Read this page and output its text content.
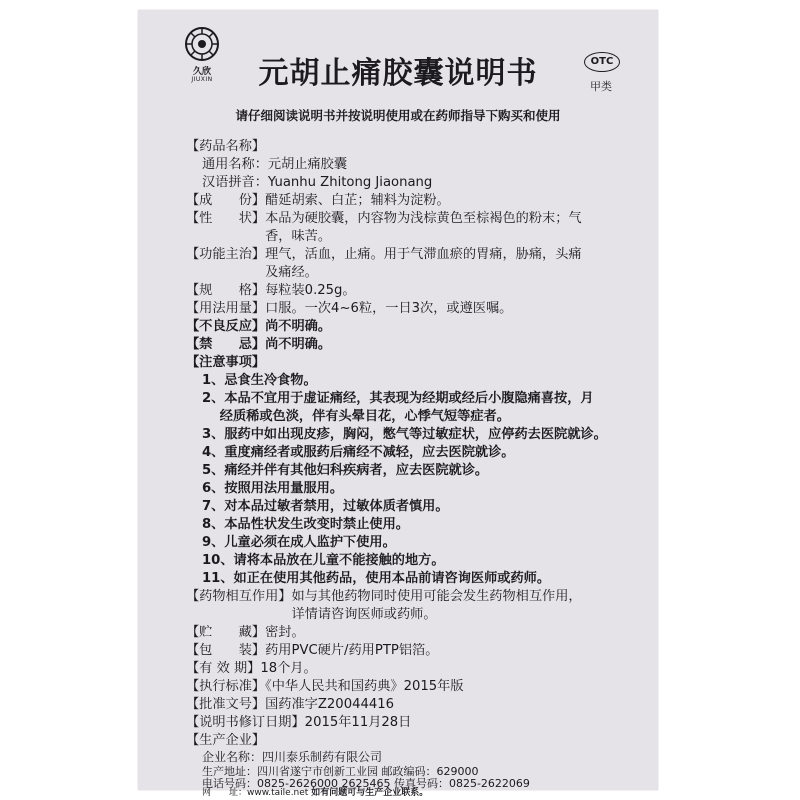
久欣
JIUXIN	元胡止痛胶囊说明书	OTC
甲类
请仔细阅读说明书并按说明使用或在药师指导下购买和使用
【药品名称】
通用名称：元胡止痛胶囊
汉语拼音：Yuanhu Zhitong Jiaonang
【成　　份】醋延胡索、白芷；辅料为淀粉。
【性　　状】本品为硬胶囊，内容物为浅棕黄色至棕褐色的粉末；气
　　　　　　香，味苦。
【功能主治】理气，活血，止痛。用于气滞血瘀的胃痛，胁痛，头痛
　　　　　　及痛经。
【规　　格】每粒装0.25g。
【用法用量】口服。一次4~6粒，一日3次，或遵医嘱。
【不良反应】尚不明确。
【禁　　忌】尚不明确。
【注意事项】
1、忌食生冷食物。
2、本品不宜用于虚证痛经，其表现为经期或经后小腹隐痛喜按，月
　 经质稀或色淡，伴有头晕目花，心悸气短等症者。
3、服药中如出现皮疹，胸闷，憋气等过敏症状，应停药去医院就诊。
4、重度痛经者或服药后痛经不减轻，应去医院就诊。
5、痛经并伴有其他妇科疾病者，应去医院就诊。
6、按照用法用量服用。
7、对本品过敏者禁用，过敏体质者慎用。
8、本品性状发生改变时禁止使用。
9、儿童必须在成人监护下使用。
10、请将本品放在儿童不能接触的地方。
11、如正在使用其他药品，使用本品前请咨询医师或药师。
【药物相互作用】如与其他药物同时使用可能会发生药物相互作用，
　　　　　　　　详情请咨询医师或药师。
【贮　　藏】密封。
【包　　装】药用PVC硬片/药用PTP铝箔。
【有 效 期】18个月。
【执行标准】《中华人民共和国药典》2015年版
【批准文号】国药准字Z20044416
【说明书修订日期】2015年11月28日
【生产企业】
企业名称：四川泰乐制药有限公司
生产地址：四川省遂宁市创新工业园 邮政编码：629000
电话号码：0825-2626000 2625465 传真号码：0825-2622069
网　　址：www.taile.net 如有问题可与生产企业联系。
